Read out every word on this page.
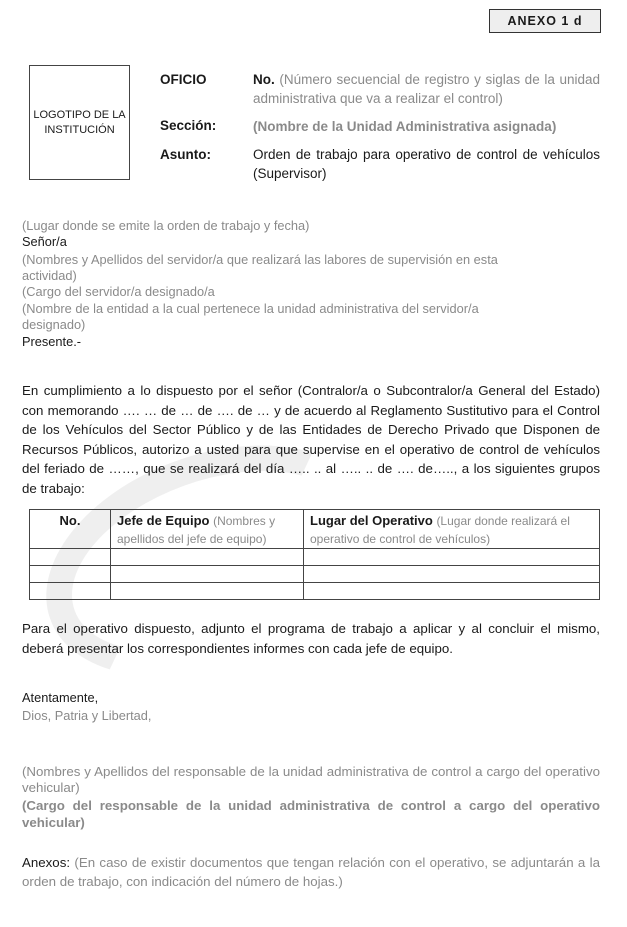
ANEXO 1 d
LOGOTIPO DE LA INSTITUCIÓN
OFICIO	No. (Número secuencial de registro y siglas de la unidad administrativa que va a realizar el control)
Sección:	(Nombre de la Unidad Administrativa asignada)
Asunto:	Orden de trabajo para operativo de control de vehículos (Supervisor)
(Lugar donde se emite la orden de trabajo y fecha)
Señor/a
(Nombres y Apellidos del servidor/a que realizará las labores de supervisión en esta
actividad)
(Cargo del servidor/a designado/a
(Nombre de la entidad a la cual pertenece la unidad administrativa del servidor/a
designado)
Presente.-
En cumplimiento a lo dispuesto por el señor (Contralor/a o Subcontralor/a General del Estado) con memorando …. … de … de …. de … y de acuerdo al Reglamento Sustitutivo para el Control de los Vehículos del Sector Público y de las Entidades de Derecho Privado que Disponen de Recursos Públicos, autorizo a usted para que supervise en el operativo de control de vehículos del feriado de ……, que se realizará del día ….. .. al ….. .. de …. de….., a los siguientes grupos de trabajo:
No.	Jefe de Equipo (Nombres y apellidos del jefe de equipo)	Lugar del Operativo (Lugar donde realizará el operativo de control de vehículos)

Para el operativo dispuesto, adjunto el programa de trabajo a aplicar y al concluir el mismo, deberá presentar los correspondientes informes con cada jefe de equipo.
Atentamente,
Dios, Patria y Libertad,
(Nombres y Apellidos del responsable de la unidad administrativa de control a cargo del operativo vehicular)
(Cargo del responsable de la unidad administrativa de control a cargo del operativo vehicular)
Anexos: (En caso de existir documentos que tengan relación con el operativo, se adjuntarán a la orden de trabajo, con indicación del número de hojas.)
